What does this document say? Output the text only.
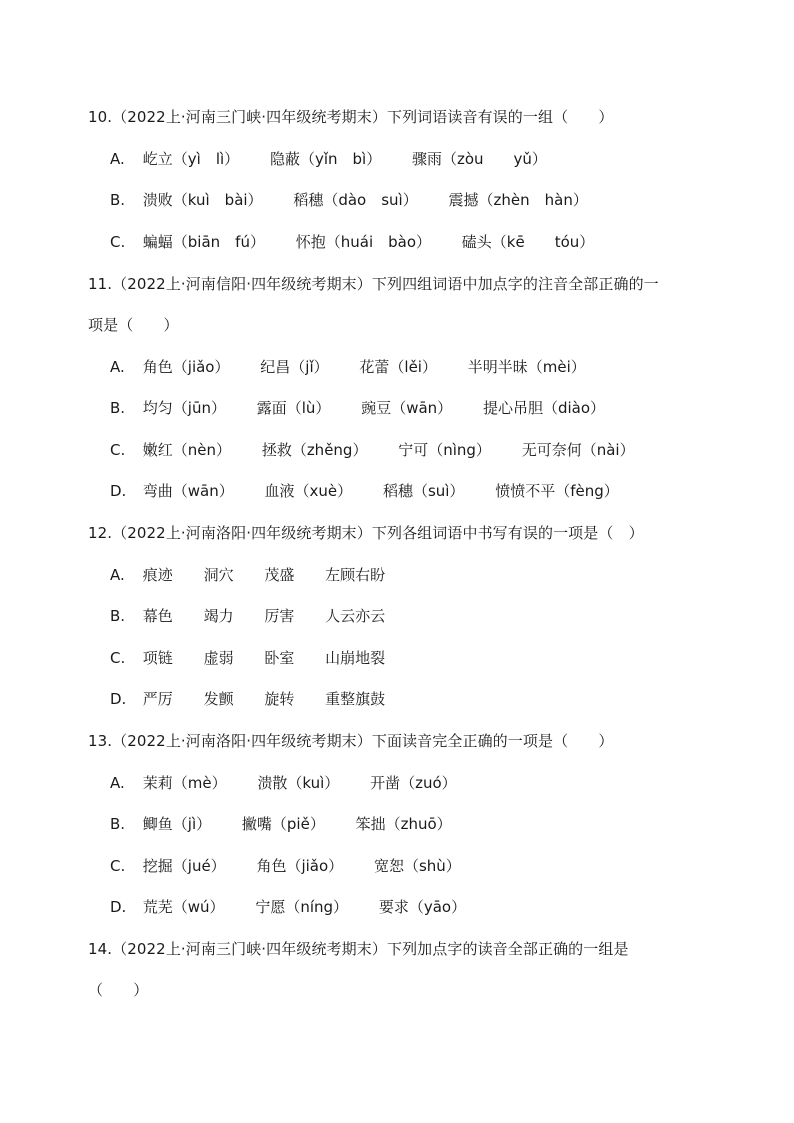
10.（2022上·河南三门峡·四年级统考期末）下列词语读音有误的一组（　　）
A. 屹立（yì　lì） 隐蔽（yǐn　bì） 骤雨（zòu　　yǔ）
B. 溃败（kuì　bài） 稻穗（dào　suì） 震撼（zhèn　hàn）
C. 蝙蝠（biān　fú） 怀抱（huái　bào） 磕头（kē　　tóu）
11.（2022上·河南信阳·四年级统考期末）下列四组词语中加点字的注音全部正确的一
项是（　　）
A. 角色（jiǎo） 纪昌（jǐ） 花蕾（lěi） 半明半昧（mèi）
B. 均匀（jūn） 露面（lù） 豌豆（wān） 提心吊胆（diào）
C. 嫩红（nèn） 拯救（zhěng） 宁可（nìng） 无可奈何（nài）
D. 弯曲（wān） 血液（xuè） 稻穗（suì） 愤愤不平（fèng）
12.（2022上·河南洛阳·四年级统考期末）下列各组词语中书写有误的一项是（　）
A. 痕迹 洞穴 茂盛 左顾右盼
B. 幕色 竭力 厉害 人云亦云
C. 项链 虚弱 卧室 山崩地裂
D. 严厉 发颤 旋转 重整旗鼓
13.（2022上·河南洛阳·四年级统考期末）下面读音完全正确的一项是（　　）
A. 茉莉（mè） 溃散（kuì） 开凿（zuó）
B. 鲫鱼（jì） 撇嘴（piě） 笨拙（zhuō）
C. 挖掘（jué） 角色（jiǎo） 宽恕（shù）
D. 荒芜（wú） 宁愿（níng） 要求（yāo）
14.（2022上·河南三门峡·四年级统考期末）下列加点字的读音全部正确的一组是
（　　）
